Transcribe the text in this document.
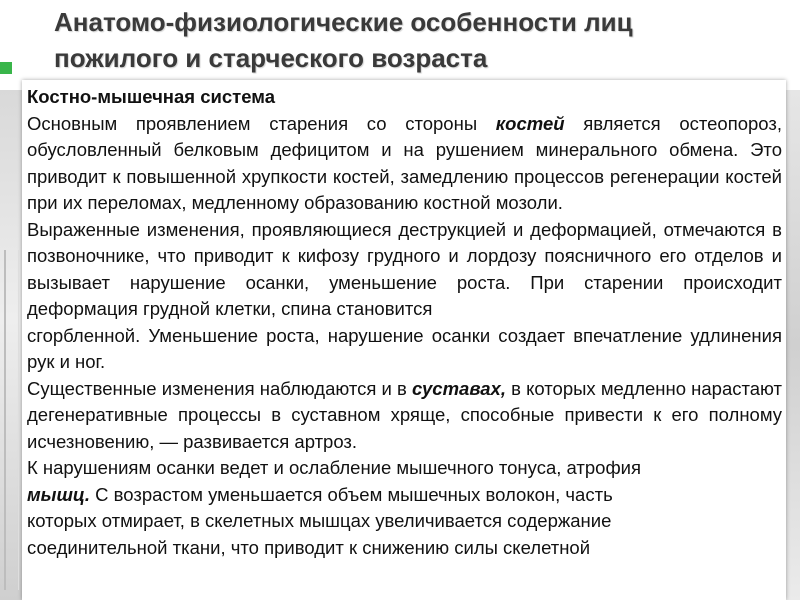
Анатомо-физиологические особенности лиц
пожилого и старческого возраста
Костно-мышечная система

Основным проявлением старения со стороны костей является остеопороз, обусловленный белковым дефицитом и на рушением минерального обмена. Это приводит к повышенной хрупкости костей, замедлению процессов регенерации костей при их переломах, медленному образованию костной мозоли.

Выраженные изменения, проявляющиеся деструкцией и деформацией, отмечаются в позвоночнике, что приводит к кифозу грудного и лордозу поясничного его отделов и вызывает нарушение осанки, уменьшение роста. При старении происходит деформация грудной клетки, спина становится

сгорбленной. Уменьшение роста, нарушение осанки создает впечатление удлинения рук и ног.

Существенные изменения наблюдаются и в суставах, в которых медленно нарастают дегенеративные процессы в суставном хряще, способные привести к его полному исчезновению, — развивается артроз.

К нарушениям осанки ведет и ослабление мышечного тонуса, атрофия
мышц. С возрастом уменьшается объем мышечных волокон, часть
которых отмирает, в скелетных мышцах увеличивается содержание
соединительной ткани, что приводит к снижению силы скелетной
